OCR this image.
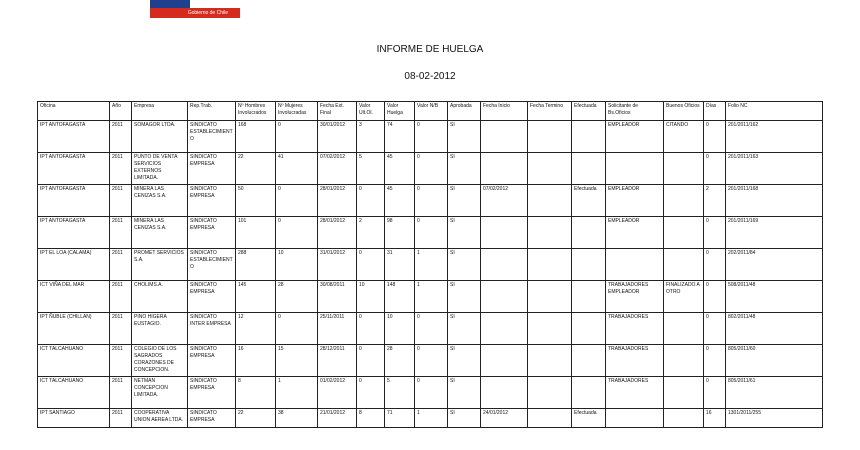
Gobierno de Chile
INFORME DE HUELGA
08-02-2012
Oficina	Año	Empresa	Rep.Trab.	Nº Hombres Involucrados	Nº Mujeres Involucradas	Fecha Ext. Final	Valor Ult.Ol.	Valor Huelga	Valor N/B	Aprobada	Fecha Inicio	Fecha Termino	Efectuada	Solicitante de Bs.Oficios	Buenos Oficios	Días	Folio NC
IPT ANTOFAGASTA	2011	SOMAGOR LTDA.	SINDICATO ESTABLECIMIENTO	168	0	30/01/2012	3	74	0	SI				EMPLEADOR	CITANDO	0	201/2011/162
IPT ANTOFAGASTA	2011	PUNTO DE VENTA SERVICIOS EXTERNOS LIMITADA.	SINDICATO EMPRESA	22	41	07/02/2012	5	45	0	SI						0	201/2011/163
IPT ANTOFAGASTA	2011	MINERA LAS CENIZAS S.A.	SINDICATO EMPRESA	50	0	28/01/2012	0	45	0	SI	07/02/2012		Efectuada	EMPLEADOR		2	201/2011/168
IPT ANTOFAGASTA	2011	MINERA LAS CENIZAS S.A.	SINDICATO EMPRESA	101	0	28/01/2012	2	98	0	SI				EMPLEADOR		0	201/2011/169
IPT EL LOA (CALAMA)	2011	PROMET SERVICIOS S.A.	SINDICATO ESTABLECIMIENTO	288	10	31/01/2012	0	31	1	SI						0	202/2011/84
ICT VIÑA DEL MAR	2011	CHOLIMS.A.	SINDICATO EMPRESA	145	28	30/08/2011	10	148	1	SI				TRABAJADORES EMPLEADOR	FINALIZADO A OTRO	0	508/2011/48
IPT ÑUBLE (CHILLAN)	2011	PINO HIGERA EUSTAGIO.	SINDICATO INTER EMPRESA	12	0	25/11/2011	0	10	0	SI				TRABAJADORES		0	802/2011/48
ICT TALCAHUANO	2011	COLEGIO DE LOS SAGRADOS CORAZONES DE CONCEPCION.	SINDICATO EMPRESA	16	15	28/12/2011	0	28	0	SI				TRABAJADORES		0	805/2011/60
ICT TALCAHUANO	2011	NETMAN CONCEPCION LIMITADA.	SINDICATO EMPRESA	8	1	01/02/2012	0	5	0	SI				TRABAJADORES		0	805/2011/61
IPT SANTIAGO	2011	COOPERATIVA UNION AEREA LTDA.	SINDICATO EMPRESA	22	38	21/01/2012	8	71	1	SI	24/01/2012		Efectuada			16	1301/2011/255
